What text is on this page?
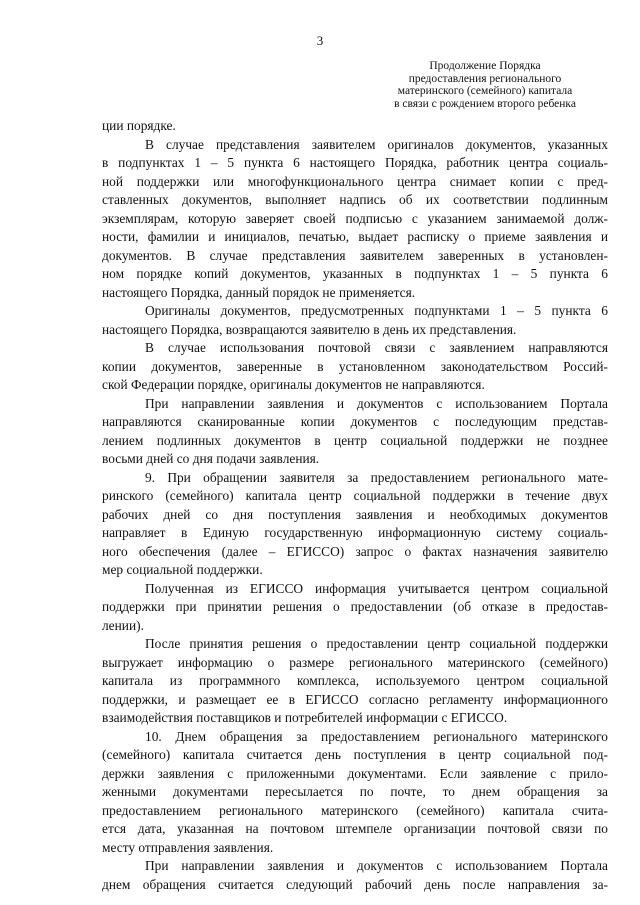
3
Продолжение Порядка
предоставления регионального
материнского (семейного) капитала
в связи с рождением второго ребенка
ции порядке.
В случае представления заявителем оригиналов документов, указанных
в подпунктах 1 – 5 пункта 6 настоящего Порядка, работник центра социаль-
ной поддержки или многофункционального центра снимает копии с пред-
ставленных документов, выполняет надпись об их соответствии подлинным
экземплярам, которую заверяет своей подписью с указанием занимаемой долж-
ности, фамилии и инициалов, печатью, выдает расписку о приеме заявления и
документов. В случае представления заявителем заверенных в установлен-
ном порядке копий документов, указанных в подпунктах 1 – 5 пункта 6
настоящего Порядка, данный порядок не применяется.
Оригиналы документов, предусмотренных подпунктами 1 – 5 пункта 6
настоящего Порядка, возвращаются заявителю в день их представления.
В случае использования почтовой связи с заявлением направляются
копии документов, заверенные в установленном законодательством Россий-
ской Федерации порядке, оригиналы документов не направляются.
При направлении заявления и документов с использованием Портала
направляются сканированные копии документов с последующим представ-
лением подлинных документов в центр социальной поддержки не позднее
восьми дней со дня подачи заявления.
9. При обращении заявителя за предоставлением регионального мате-
ринского (семейного) капитала центр социальной поддержки в течение двух
рабочих дней со дня поступления заявления и необходимых документов
направляет в Единую государственную информационную систему социаль-
ного обеспечения (далее – ЕГИССО) запрос о фактах назначения заявителю
мер социальной поддержки.
Полученная из ЕГИССО информация учитывается центром социальной
поддержки при принятии решения о предоставлении (об отказе в предостав-
лении).
После принятия решения о предоставлении центр социальной поддержки
выгружает информацию о размере регионального материнского (семейного)
капитала из программного комплекса, используемого центром социальной
поддержки, и размещает ее в ЕГИССО согласно регламенту информационного
взаимодействия поставщиков и потребителей информации с ЕГИССО.
10. Днем обращения за предоставлением регионального материнского
(семейного) капитала считается день поступления в центр социальной под-
держки заявления с приложенными документами. Если заявление с прило-
женными документами пересылается по почте, то днем обращения за
предоставлением регионального материнского (семейного) капитала счита-
ется дата, указанная на почтовом штемпеле организации почтовой связи по
месту отправления заявления.
При направлении заявления и документов с использованием Портала
днем обращения считается следующий рабочий день после направления за-
